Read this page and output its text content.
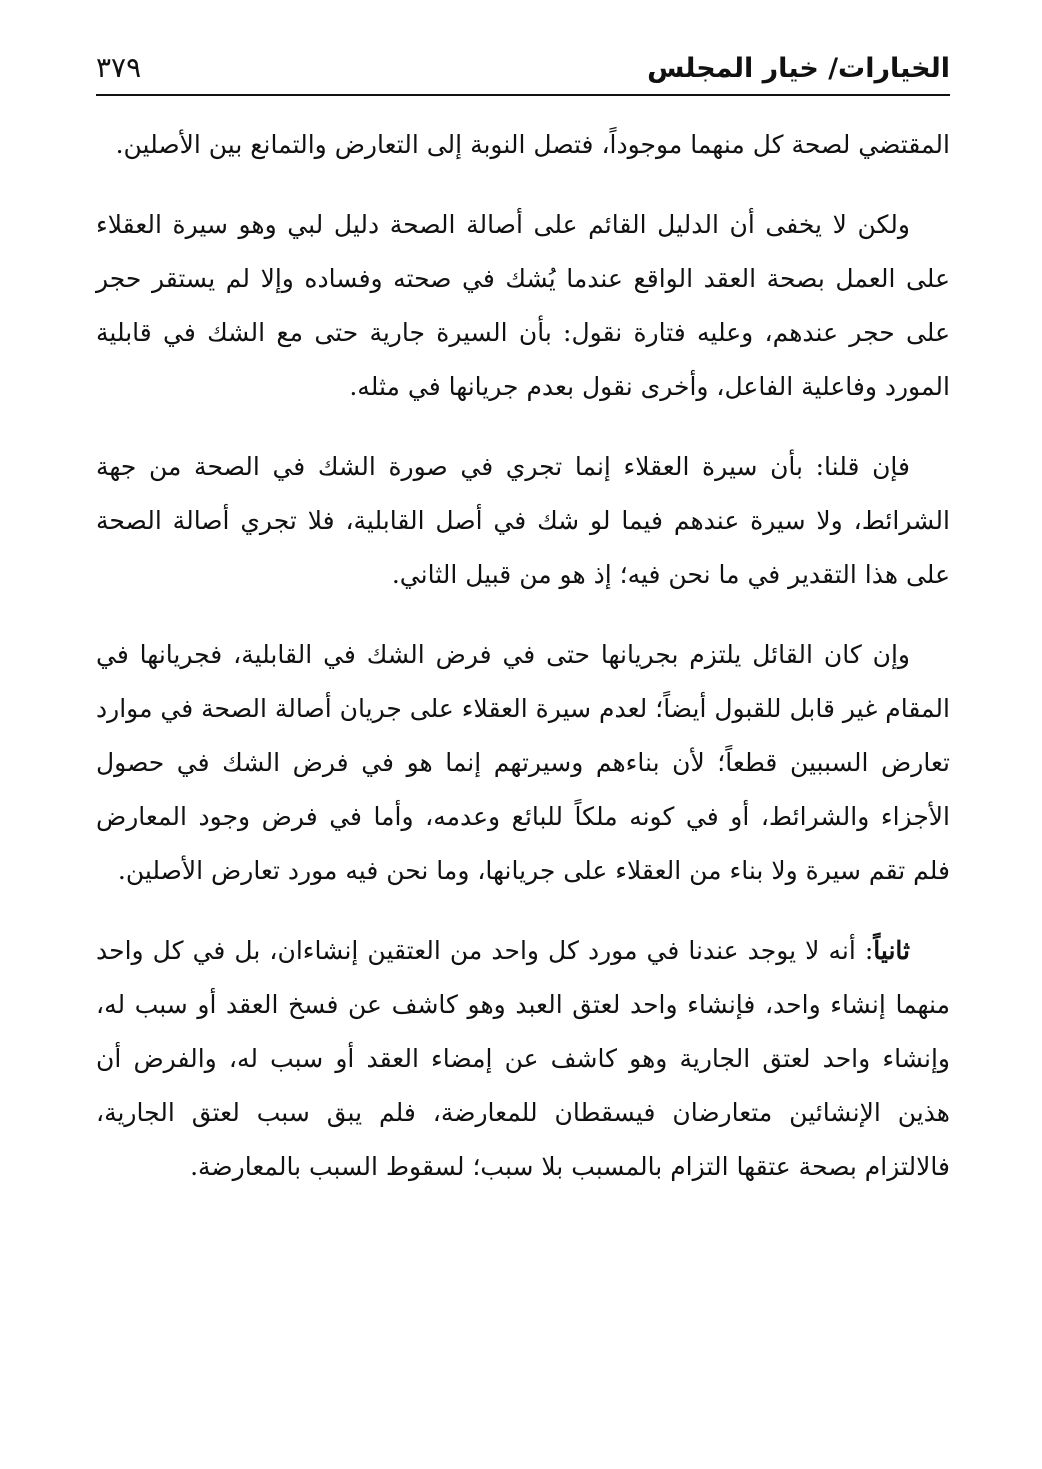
الخيارات/ خيار المجلس
٣٧٩

المقتضي لصحة كل منهما موجوداً، فتصل النوبة إلى التعارض والتمانع بين الأصلين.

ولكن لا يخفى أن الدليل القائم على أصالة الصحة دليل لبي وهو سيرة العقلاء على العمل بصحة العقد الواقع عندما يُشك في صحته وفساده وإلا لم يستقر حجر على حجر عندهم، وعليه فتارة نقول: بأن السيرة جارية حتى مع الشك في قابلية المورد وفاعلية الفاعل، وأخرى نقول بعدم جريانها في مثله.

فإن قلنا: بأن سيرة العقلاء إنما تجري في صورة الشك في الصحة من جهة الشرائط، ولا سيرة عندهم فيما لو شك في أصل القابلية، فلا تجري أصالة الصحة على هذا التقدير في ما نحن فيه؛ إذ هو من قبيل الثاني.

وإن كان القائل يلتزم بجريانها حتى في فرض الشك في القابلية، فجريانها في المقام غير قابل للقبول أيضاً؛ لعدم سيرة العقلاء على جريان أصالة الصحة في موارد تعارض السببين قطعاً؛ لأن بناءهم وسيرتهم إنما هو في فرض الشك في حصول الأجزاء والشرائط، أو في كونه ملكاً للبائع وعدمه، وأما في فرض وجود المعارض فلم تقم سيرة ولا بناء من العقلاء على جريانها، وما نحن فيه مورد تعارض الأصلين.

ثانياً: أنه لا يوجد عندنا في مورد كل واحد من العتقين إنشاءان، بل في كل واحد منهما إنشاء واحد، فإنشاء واحد لعتق العبد وهو كاشف عن فسخ العقد أو سبب له، وإنشاء واحد لعتق الجارية وهو كاشف عن إمضاء العقد أو سبب له، والفرض أن هذين الإنشائين متعارضان فيسقطان للمعارضة، فلم يبق سبب لعتق الجارية، فالالتزام بصحة عتقها التزام بالمسبب بلا سبب؛ لسقوط السبب بالمعارضة.
